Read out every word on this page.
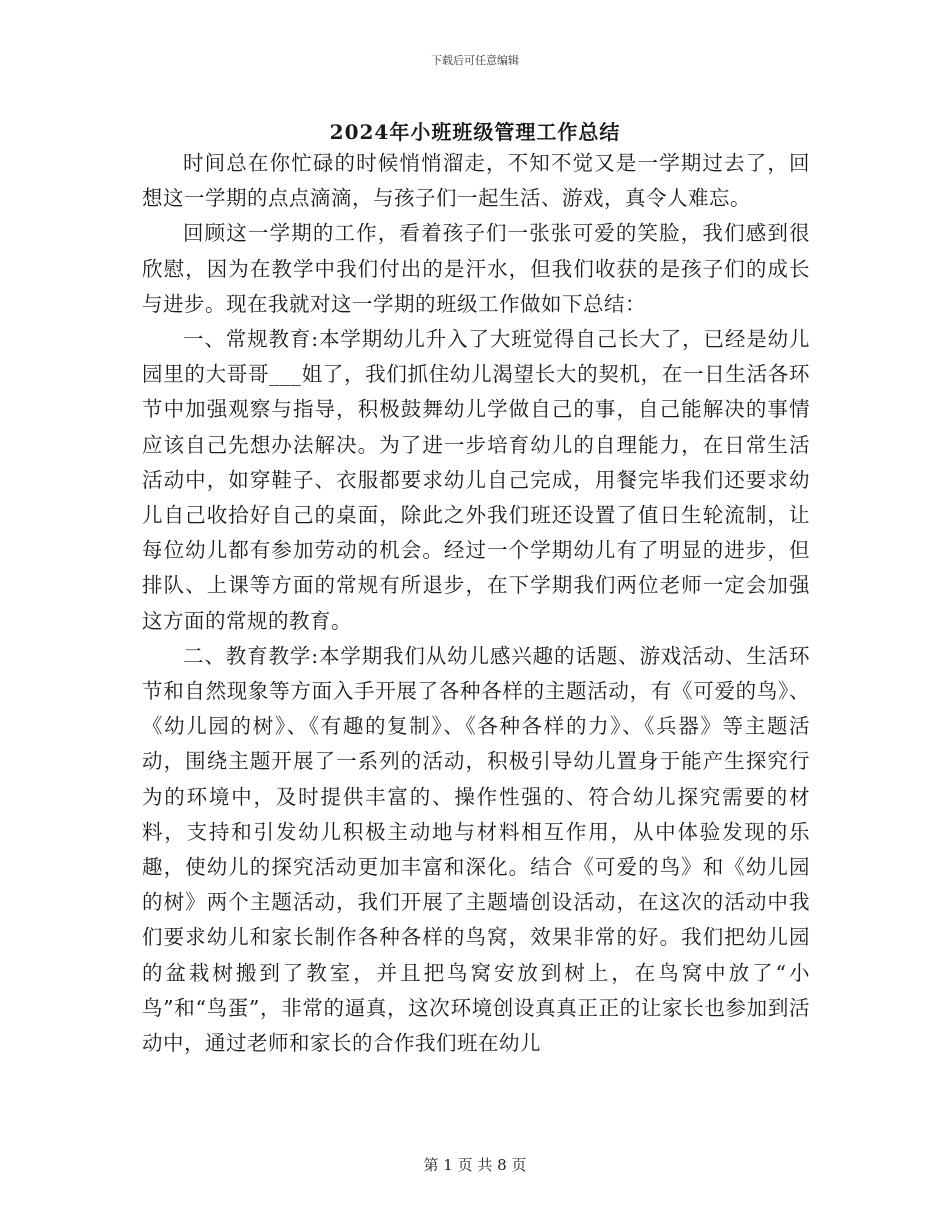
下载后可任意编辑
2024年小班班级管理工作总结

时间总在你忙碌的时候悄悄溜走，不知不觉又是一学期过去了，回想这一学期的点点滴滴，与孩子们一起生活、游戏，真令人难忘。

回顾这一学期的工作，看着孩子们一张张可爱的笑脸，我们感到很欣慰，因为在教学中我们付出的是汗水，但我们收获的是孩子们的成长与进步。现在我就对这一学期的班级工作做如下总结：

一、常规教育:本学期幼儿升入了大班觉得自己长大了，已经是幼儿园里的大哥哥___姐了，我们抓住幼儿渴望长大的契机，在一日生活各环节中加强观察与指导，积极鼓舞幼儿学做自己的事，自己能解决的事情应该自己先想办法解决。为了进一步培育幼儿的自理能力，在日常生活活动中，如穿鞋子、衣服都要求幼儿自己完成，用餐完毕我们还要求幼儿自己收拾好自己的桌面，除此之外我们班还设置了值日生轮流制，让每位幼儿都有参加劳动的机会。经过一个学期幼儿有了明显的进步，但排队、上课等方面的常规有所退步，在下学期我们两位老师一定会加强这方面的常规的教育。

二、教育教学:本学期我们从幼儿感兴趣的话题、游戏活动、生活环节和自然现象等方面入手开展了各种各样的主题活动，有《可爱的鸟》、《幼儿园的树》、《有趣的复制》、《各种各样的力》、《兵器》等主题活动，围绕主题开展了一系列的活动，积极引导幼儿置身于能产生探究行为的环境中，及时提供丰富的、操作性强的、符合幼儿探究需要的材料，支持和引发幼儿积极主动地与材料相互作用，从中体验发现的乐趣，使幼儿的探究活动更加丰富和深化。结合《可爱的鸟》和《幼儿园的树》两个主题活动，我们开展了主题墙创设活动，在这次的活动中我们要求幼儿和家长制作各种各样的鸟窝，效果非常的好。我们把幼儿园的盆栽树搬到了教室，并且把鸟窝安放到树上，在鸟窝中放了“小鸟”和“鸟蛋”，非常的逼真，这次环境创设真真正正的让家长也参加到活动中，通过老师和家长的合作我们班在幼儿

第 1 页 共 8 页
